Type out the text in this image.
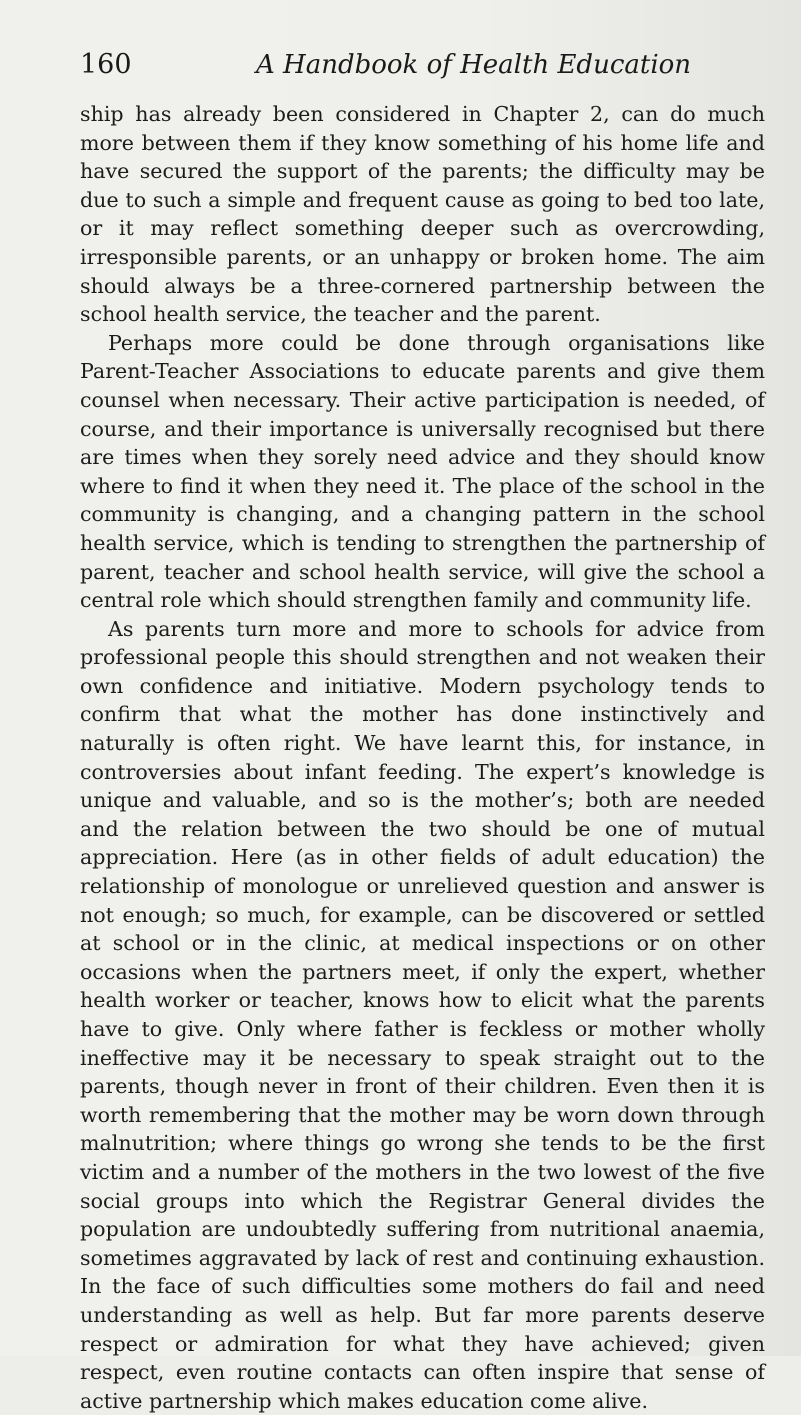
160	A Handbook of Health Education

ship has already been considered in Chapter 2, can do much more between them if they know something of his home life and have secured the support of the parents; the difficulty may be due to such a simple and frequent cause as going to bed too late, or it may reflect something deeper such as overcrowding, irresponsible parents, or an unhappy or broken home. The aim should always be a three-cornered partnership between the school health service, the teacher and the parent.

Perhaps more could be done through organisations like Parent-Teacher Associations to educate parents and give them counsel when necessary. Their active participation is needed, of course, and their importance is universally recognised but there are times when they sorely need advice and they should know where to find it when they need it. The place of the school in the community is changing, and a changing pattern in the school health service, which is tending to strengthen the partnership of parent, teacher and school health service, will give the school a central role which should strengthen family and community life.

As parents turn more and more to schools for advice from professional people this should strengthen and not weaken their own confidence and initiative. Modern psychology tends to confirm that what the mother has done instinctively and naturally is often right. We have learnt this, for instance, in controversies about infant feeding. The expert’s knowledge is unique and valuable, and so is the mother’s; both are needed and the relation between the two should be one of mutual appreciation. Here (as in other fields of adult education) the relationship of monologue or unrelieved question and answer is not enough; so much, for example, can be discovered or settled at school or in the clinic, at medical inspections or on other occasions when the partners meet, if only the expert, whether health worker or teacher, knows how to elicit what the parents have to give. Only where father is feckless or mother wholly ineffective may it be necessary to speak straight out to the parents, though never in front of their children. Even then it is worth remembering that the mother may be worn down through malnutrition; where things go wrong she tends to be the first victim and a number of the mothers in the two lowest of the five social groups into which the Registrar General divides the population are undoubtedly suffering from nutritional anaemia, sometimes aggravated by lack of rest and continuing exhaustion. In the face of such difficulties some mothers do fail and need understanding as well as help. But far more parents deserve respect or admiration for what they have achieved; given respect, even routine contacts can often inspire that sense of active partnership which makes education come alive.
